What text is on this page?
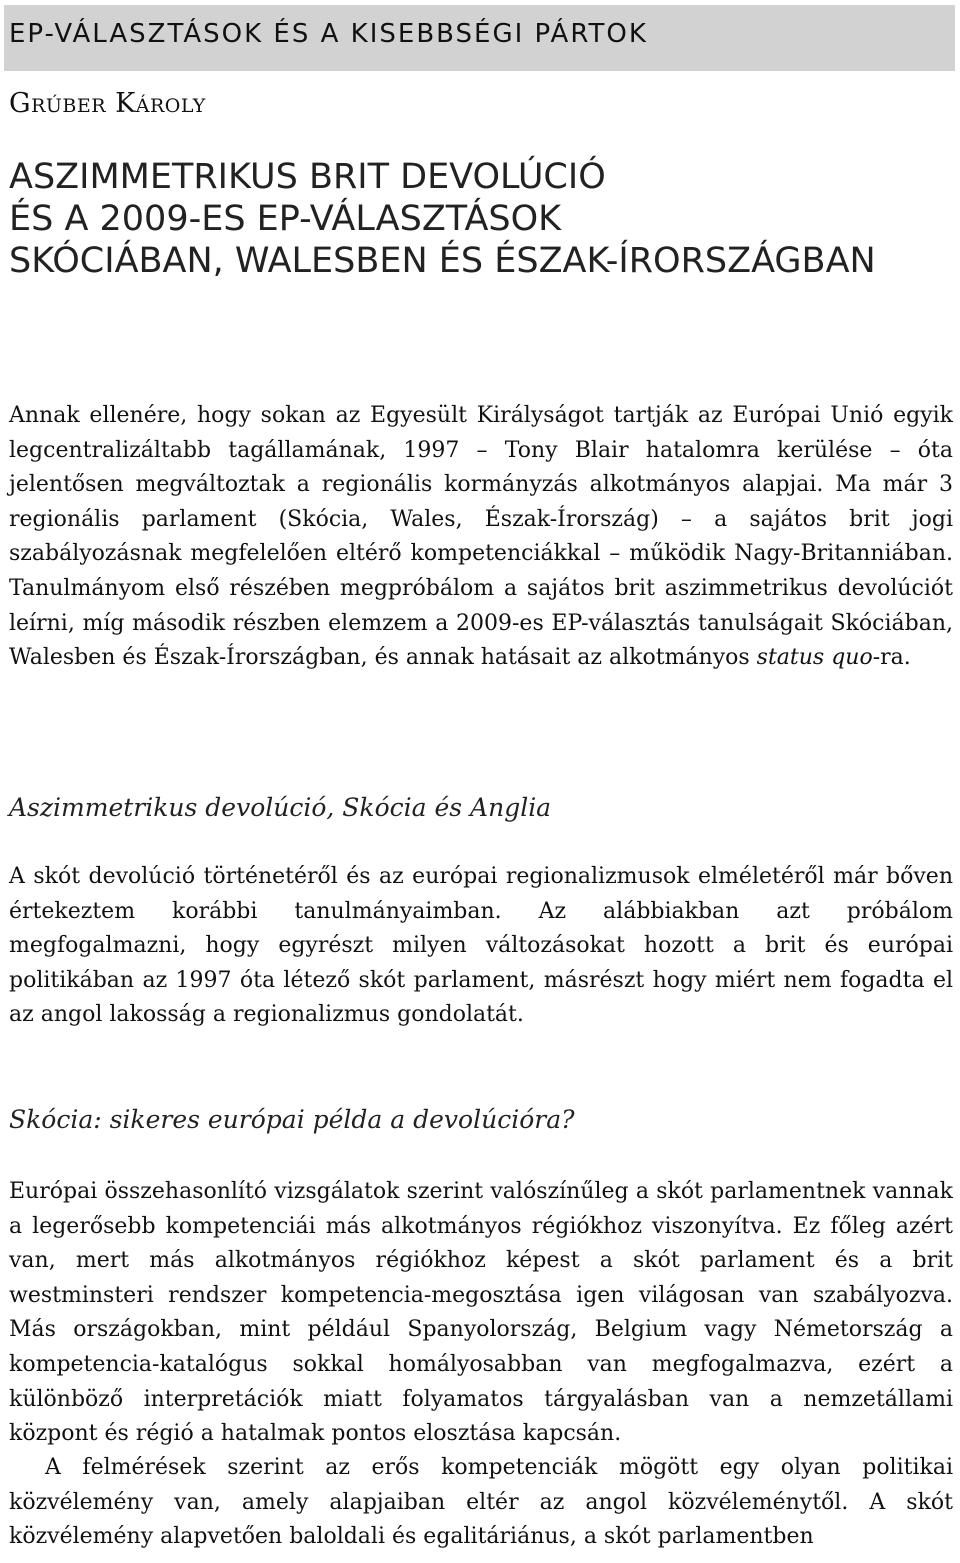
EP-VÁLASZTÁSOK ÉS A KISEBBSÉGI PÁRTOK
Grúber Károly
ASZIMMETRIKUS BRIT DEVOLÚCIÓ
ÉS A 2009-ES EP-VÁLASZTÁSOK
SKÓCIÁBAN, WALESBEN ÉS ÉSZAK-ÍRORSZÁGBAN
Annak ellenére, hogy sokan az Egyesült Királyságot tartják az Európai Unió egyik legcentralizáltabb tagállamának, 1997 – Tony Blair hatalomra kerülése – óta jelentősen megváltoztak a regionális kormányzás alkotmányos alapjai. Ma már 3 regionális parlament (Skócia, Wales, Észak-Írország) – a sajátos brit jogi szabályozásnak megfelelően eltérő kompetenciákkal – működik Nagy-Britanniában. Tanulmányom első részében megpróbálom a sajátos brit aszimmetrikus devolúciót leírni, míg második részben elemzem a 2009-es EP-választás tanulságait Skóciában, Walesben és Észak-Írországban, és annak hatásait az alkotmányos status quo-ra.
Aszimmetrikus devolúció, Skócia és Anglia
A skót devolúció történetéről és az európai regionalizmusok elméletéről már bőven értekeztem korábbi tanulmányaimban. Az alábbiakban azt próbálom megfogalmazni, hogy egyrészt milyen változásokat hozott a brit és európai politikában az 1997 óta létező skót parlament, másrészt hogy miért nem fogadta el az angol lakosság a regionalizmus gondolatát.
Skócia: sikeres európai példa a devolúcióra?
Európai összehasonlító vizsgálatok szerint valószínűleg a skót parlamentnek vannak a legerősebb kompetenciái más alkotmányos régiókhoz viszonyítva. Ez főleg azért van, mert más alkotmányos régiókhoz képest a skót parlament és a brit westminsteri rendszer kompetencia-megosztása igen világosan van szabályozva. Más országokban, mint például Spanyolország, Belgium vagy Németország a kompetencia-katalógus sokkal homályosabban van megfogalmazva, ezért a különböző interpretációk miatt folyamatos tárgyalásban van a nemzetállami központ és régió a hatalmak pontos elosztása kapcsán.
A felmérések szerint az erős kompetenciák mögött egy olyan politikai közvélemény van, amely alapjaiban eltér az angol közvéleménytől. A skót közvélemény alapvetően baloldali és egalitáriánus, a skót parlamentben
